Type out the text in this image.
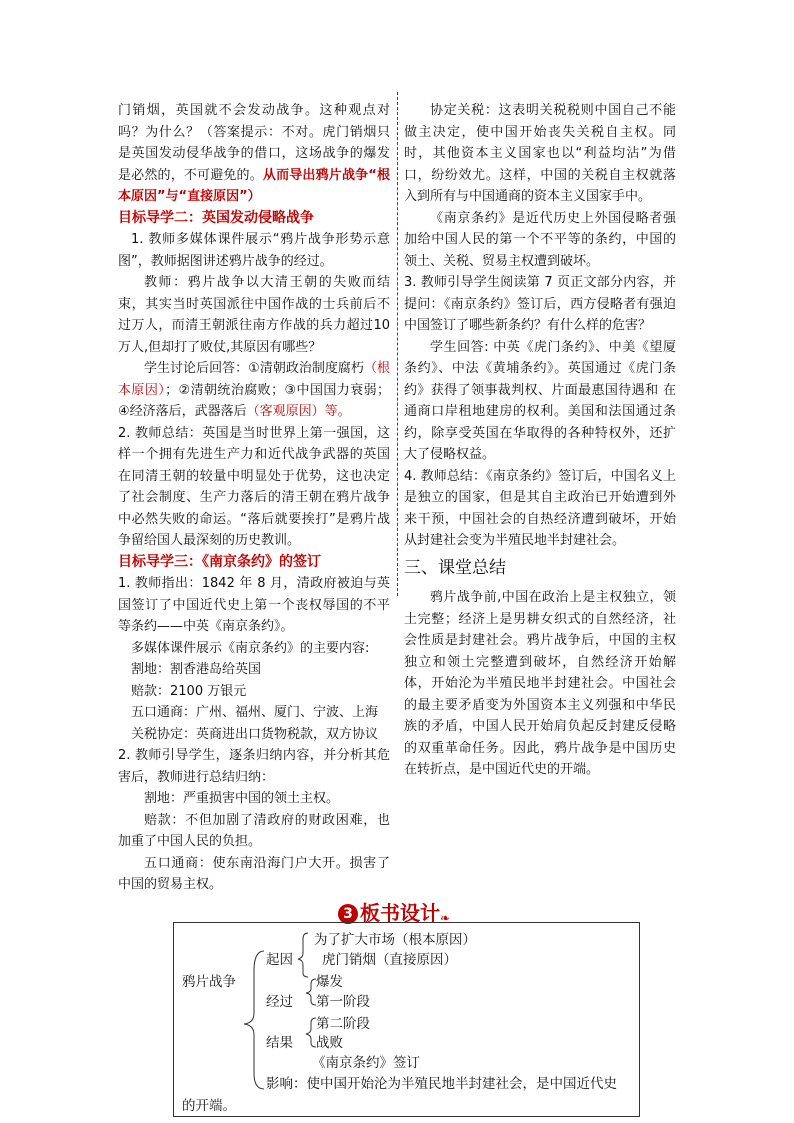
门销烟，英国就不会发动战争。这种观点对吗？为什么？（答案提示：不对。虎门销烟只是英国发动侵华战争的借口，这场战争的爆发是必然的，不可避免的。从而导出鸦片战争“根本原因”与“直接原因”）

目标导学二：英国发动侵略战争

1. 教师多媒体课件展示“鸦片战争形势示意图”，教师据图讲述鸦片战争的经过。

教师：鸦片战争以大清王朝的失败而结束，其实当时英国派往中国作战的士兵前后不过万人，而清王朝派往南方作战的兵力超过10万人,但却打了败仗,其原因有哪些？

学生讨论后回答：①清朝政治制度腐朽（根本原因）；②清朝统治腐败；③中国国力衰弱；④经济落后，武器落后（客观原因）等。

2. 教师总结：英国是当时世界上第一强国，这样一个拥有先进生产力和近代战争武器的英国在同清王朝的较量中明显处于优势，这也决定了社会制度、生产力落后的清王朝在鸦片战争中必然失败的命运。“落后就要挨打”是鸦片战争留给国人最深刻的历史教训。

目标导学三：《南京条约》的签订

1. 教师指出：1842 年 8 月，清政府被迫与英国签订了中国近代史上第一个丧权辱国的不平等条约——中英《南京条约》。

多媒体课件展示《南京条约》的主要内容:

割地：割香港岛给英国

赔款：2100 万银元

五口通商：广州、福州、厦门、宁波、上海

关税协定：英商进出口货物税款，双方协议

2. 教师引导学生，逐条归纳内容，并分析其危害后，教师进行总结归纳：

割地：严重损害中国的领土主权。

赔款：不但加剧了清政府的财政困难，也加重了中国人民的负担。

五口通商：使东南沿海门户大开。损害了中国的贸易主权。

协定关税：这表明关税税则中国自己不能做主决定，使中国开始丧失关税自主权。同时，其他资本主义国家也以“利益均沾”为借口，纷纷效尤。这样，中国的关税自主权就落入到所有与中国通商的资本主义国家手中。

《南京条约》是近代历史上外国侵略者强加给中国人民的第一个不平等的条约，中国的领土、关税、贸易主权遭到破坏。

3. 教师引导学生阅读第 7 页正文部分内容，并提问：《南京条约》签订后，西方侵略者有强迫中国签订了哪些新条约？有什么样的危害？

学生回答: 中英《虎门条约》、中美《望厦条约》、中法《黄埔条约》。英国通过《虎门条约》获得了领事裁判权、片面最惠国待遇和 在通商口岸租地建房的权利。美国和法国通过条约，除享受英国在华取得的各种特权外，还扩大了侵略权益。

4. 教师总结：《南京条约》签订后，中国名义上是独立的国家，但是其自主政治已开始遭到外来干预，中国社会的自热经济遭到破坏，开始从封建社会变为半殖民地半封建社会。

三、课堂总结

鸦片战争前,中国在政治上是主权独立，领土完整；经济上是男耕女织式的自然经济，社会性质是封建社会。鸦片战争后，中国的主权独立和领土完整遭到破坏，自然经济开始解体，开始沦为半殖民地半封建社会。中国社会的最主要矛盾变为外国资本主义列强和中华民族的矛盾，中国人民开始肩负起反封建反侵略的双重革命任务。因此，鸦片战争是中国历史在转折点，是中国近代史的开端。

3 板书设计❧
鸦片战争
起因
为了扩大市场（根本原因）
虎门销烟（直接原因）
经过
爆发
第一阶段
结果
第二阶段
战败
《南京条约》签订
影响：使中国开始沦为半殖民地半封建社会，是中国近代史
的开端。
